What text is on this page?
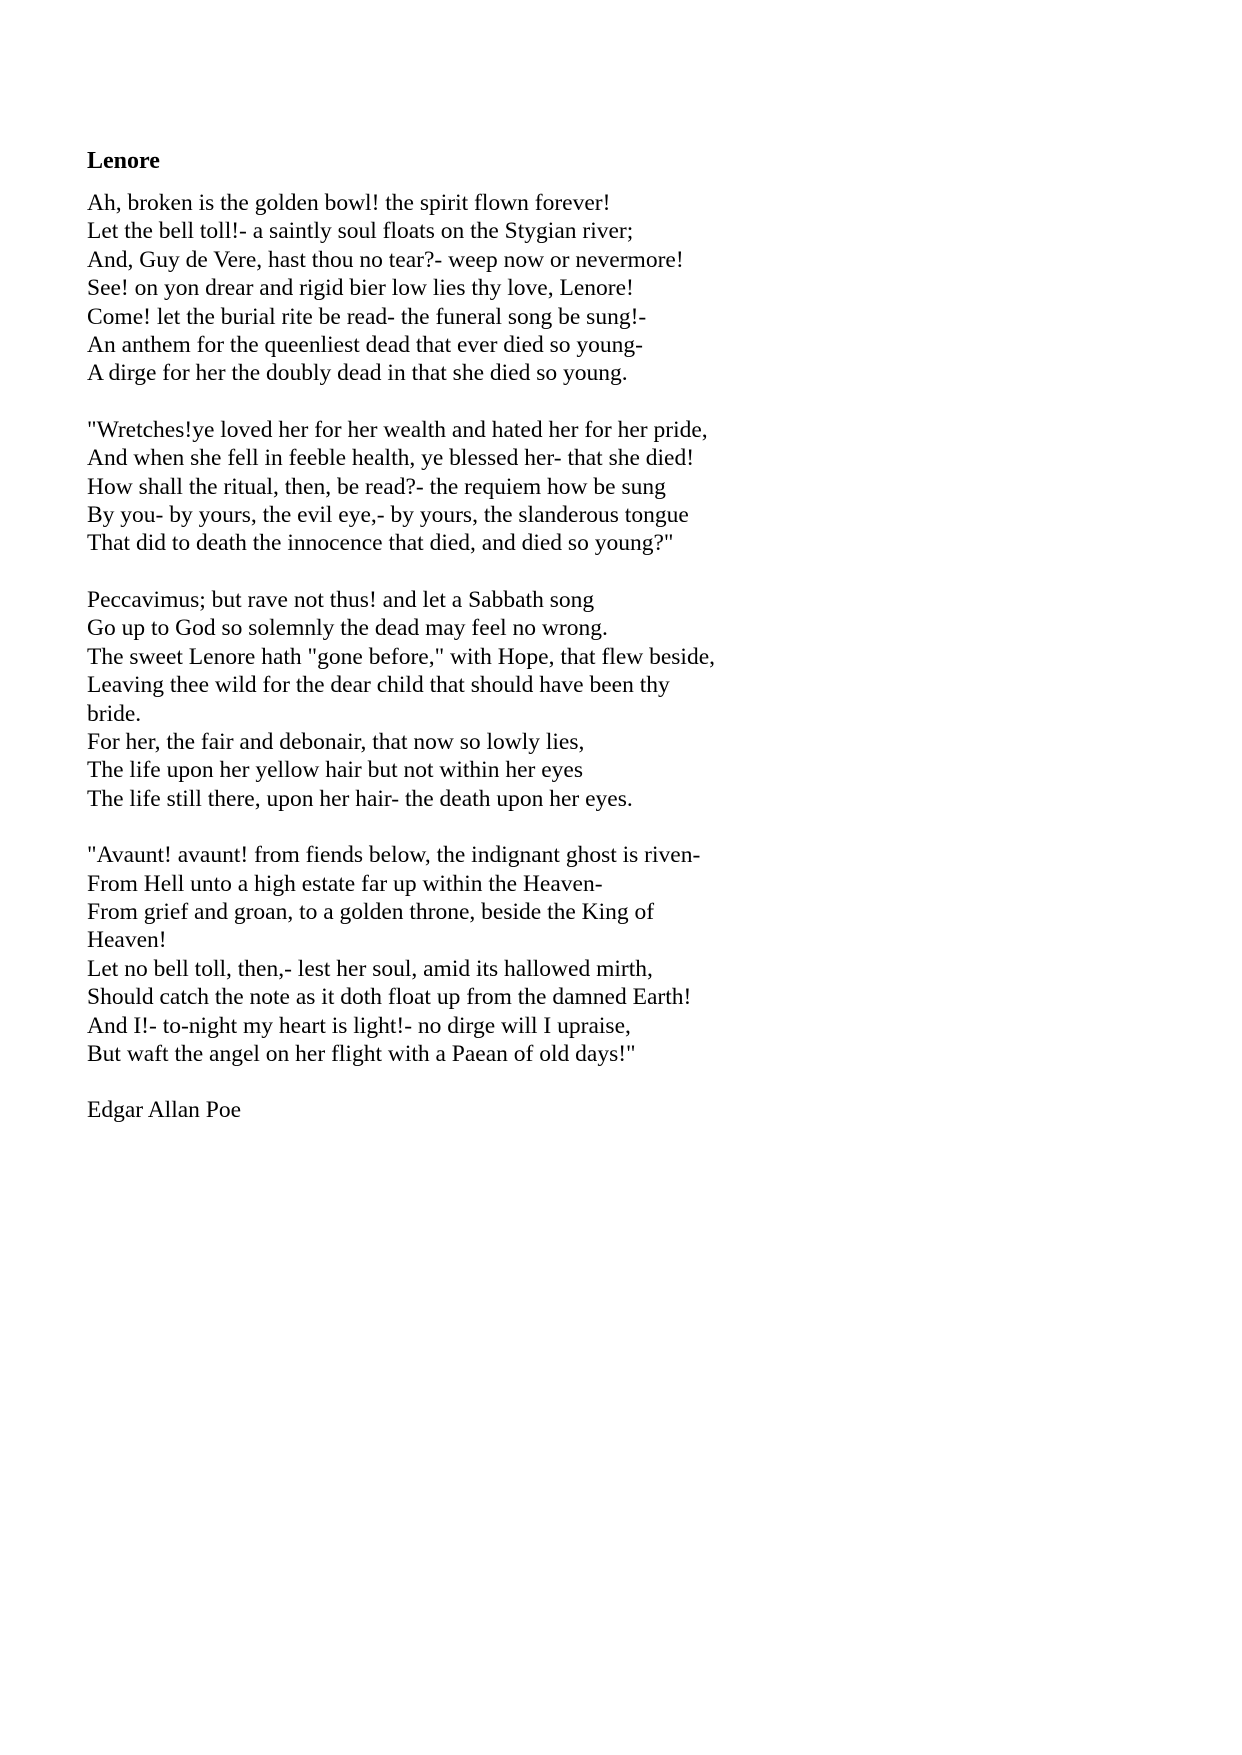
Lenore
Ah, broken is the golden bowl! the spirit flown forever!
Let the bell toll!- a saintly soul floats on the Stygian river;
And, Guy de Vere, hast thou no tear?- weep now or nevermore!
See! on yon drear and rigid bier low lies thy love, Lenore!
Come! let the burial rite be read- the funeral song be sung!-
An anthem for the queenliest dead that ever died so young-
A dirge for her the doubly dead in that she died so young.
"Wretches!ye loved her for her wealth and hated her for her pride,
And when she fell in feeble health, ye blessed her- that she died!
How shall the ritual, then, be read?- the requiem how be sung
By you- by yours, the evil eye,- by yours, the slanderous tongue
That did to death the innocence that died, and died so young?"
Peccavimus; but rave not thus! and let a Sabbath song
Go up to God so solemnly the dead may feel no wrong.
The sweet Lenore hath "gone before," with Hope, that flew beside,
Leaving thee wild for the dear child that should have been thy
bride.
For her, the fair and debonair, that now so lowly lies,
The life upon her yellow hair but not within her eyes
The life still there, upon her hair- the death upon her eyes.
"Avaunt! avaunt! from fiends below, the indignant ghost is riven-
From Hell unto a high estate far up within the Heaven-
From grief and groan, to a golden throne, beside the King of
Heaven!
Let no bell toll, then,- lest her soul, amid its hallowed mirth,
Should catch the note as it doth float up from the damned Earth!
And I!- to-night my heart is light!- no dirge will I upraise,
But waft the angel on her flight with a Paean of old days!"
Edgar Allan Poe
